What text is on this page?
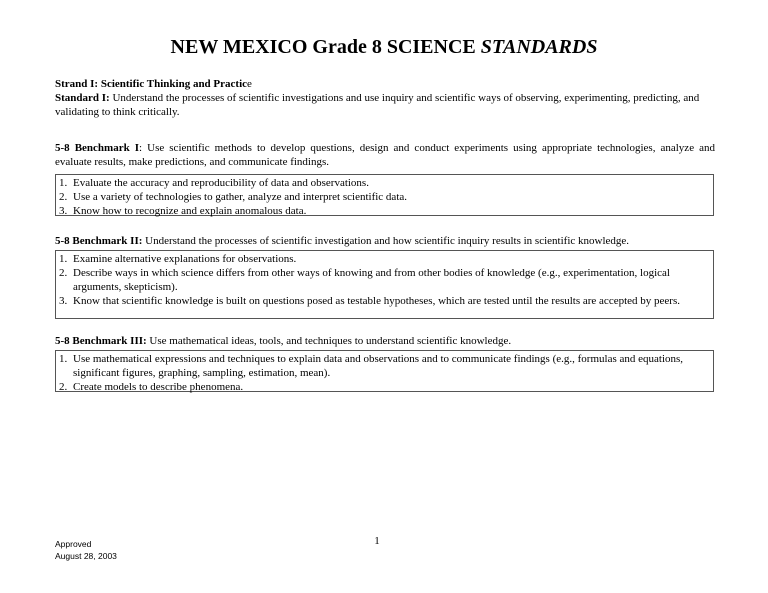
NEW MEXICO Grade 8 SCIENCE STANDARDS
Strand I: Scientific Thinking and Practice
Standard I: Understand the processes of scientific investigations and use inquiry and scientific ways of observing, experimenting, predicting, and validating to think critically.
5-8 Benchmark I: Use scientific methods to develop questions, design and conduct experiments using appropriate technologies, analyze and evaluate results, make predictions, and communicate findings.
1. Evaluate the accuracy and reproducibility of data and observations.
2. Use a variety of technologies to gather, analyze and interpret scientific data.
3. Know how to recognize and explain anomalous data.
5-8 Benchmark II: Understand the processes of scientific investigation and how scientific inquiry results in scientific knowledge.
1. Examine alternative explanations for observations.
2. Describe ways in which science differs from other ways of knowing and from other bodies of knowledge (e.g., experimentation, logical arguments, skepticism).
3. Know that scientific knowledge is built on questions posed as testable hypotheses, which are tested until the results are accepted by peers.
5-8 Benchmark III: Use mathematical ideas, tools, and techniques to understand scientific knowledge.
1. Use mathematical expressions and techniques to explain data and observations and to communicate findings (e.g., formulas and equations, significant figures, graphing, sampling, estimation, mean).
2. Create models to describe phenomena.
Approved
August 28, 2003
1
